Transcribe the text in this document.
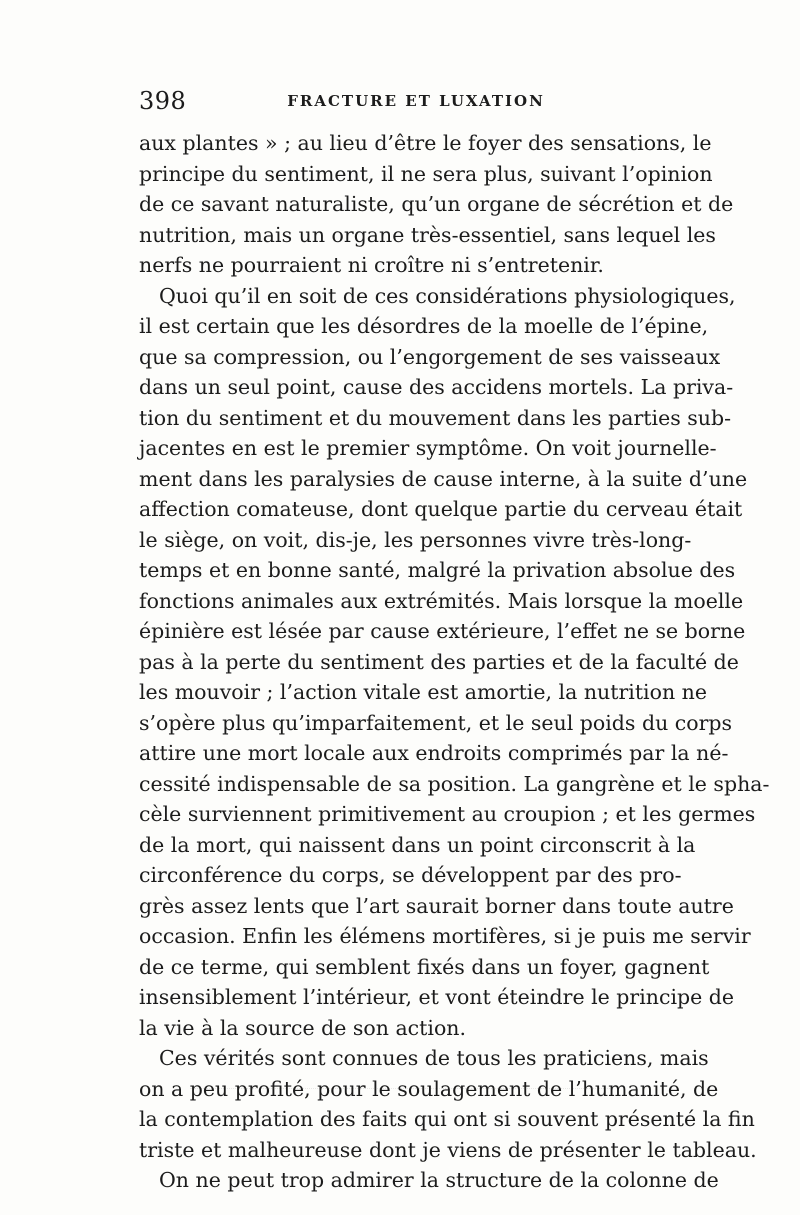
398	FRACTURE ET LUXATION
aux plantes » ; au lieu d’être le foyer des sensations, le
principe du sentiment, il ne sera plus, suivant l’opinion
de ce savant naturaliste, qu’un organe de sécrétion et de
nutrition, mais un organe très-essentiel, sans lequel les
nerfs ne pourraient ni croître ni s’entretenir.
Quoi qu’il en soit de ces considérations physiologiques,
il est certain que les désordres de la moelle de l’épine,
que sa compression, ou l’engorgement de ses vaisseaux
dans un seul point, cause des accidens mortels. La priva-
tion du sentiment et du mouvement dans les parties sub-
jacentes en est le premier symptôme. On voit journelle-
ment dans les paralysies de cause interne, à la suite d’une
affection comateuse, dont quelque partie du cerveau était
le siège, on voit, dis-je, les personnes vivre très-long-
temps et en bonne santé, malgré la privation absolue des
fonctions animales aux extrémités. Mais lorsque la moelle
épinière est lésée par cause extérieure, l’effet ne se borne
pas à la perte du sentiment des parties et de la faculté de
les mouvoir ; l’action vitale est amortie, la nutrition ne
s’opère plus qu’imparfaitement, et le seul poids du corps
attire une mort locale aux endroits comprimés par la né-
cessité indispensable de sa position. La gangrène et le spha-
cèle surviennent primitivement au croupion ; et les germes
de la mort, qui naissent dans un point circonscrit à la
circonférence du corps, se développent par des pro-
grès assez lents que l’art saurait borner dans toute autre
occasion. Enfin les élémens mortifères, si je puis me servir
de ce terme, qui semblent fixés dans un foyer, gagnent
insensiblement l’intérieur, et vont éteindre le principe de
la vie à la source de son action.
Ces vérités sont connues de tous les praticiens, mais
on a peu profité, pour le soulagement de l’humanité, de
la contemplation des faits qui ont si souvent présenté la fin
triste et malheureuse dont je viens de présenter le tableau.
On ne peut trop admirer la structure de la colonne de
